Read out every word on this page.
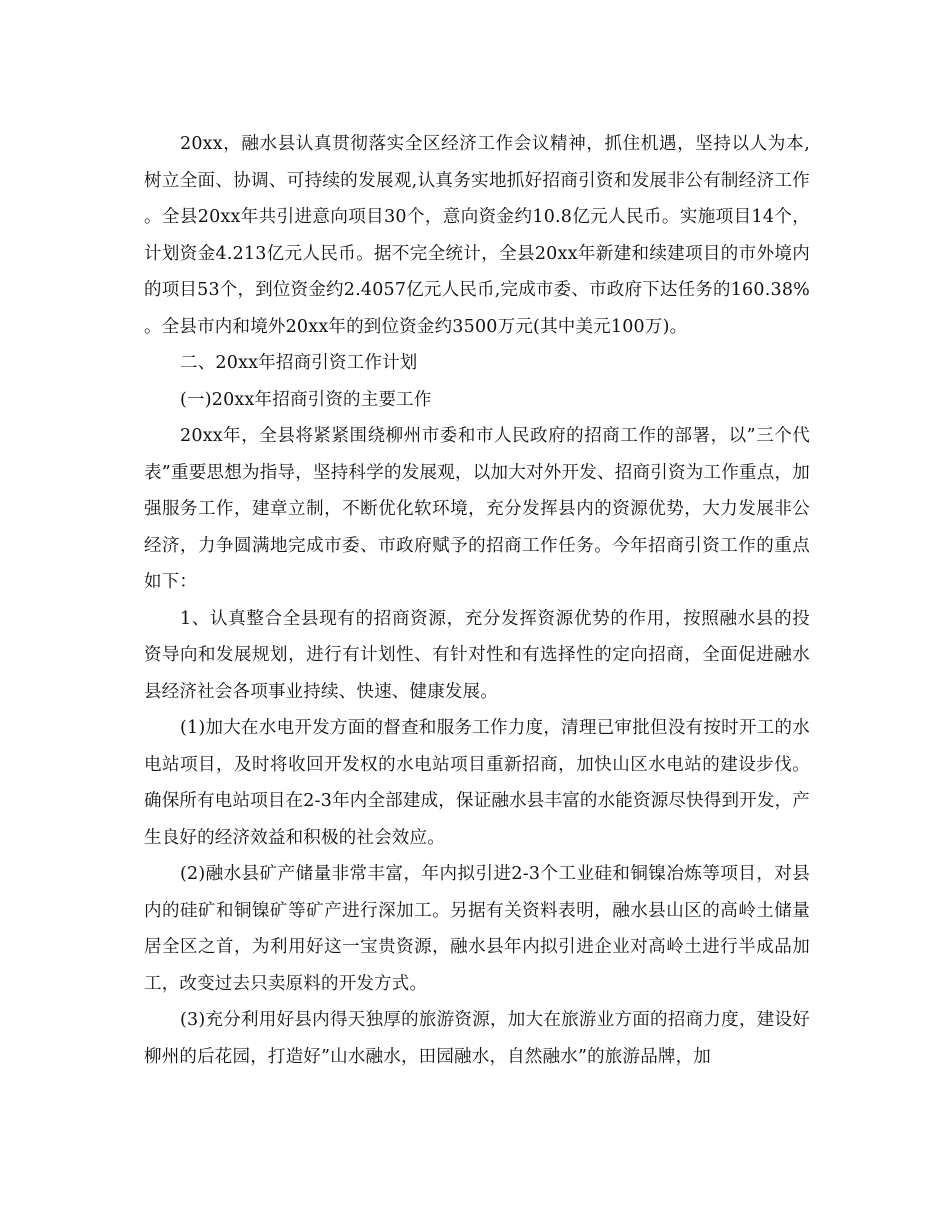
20xx，融水县认真贯彻落实全区经济工作会议精神，抓住机遇，坚持以人为本,树立全面、协调、可持续的发展观,认真务实地抓好招商引资和发展非公有制经济工作。全县20xx年共引进意向项目30个，意向资金约10.8亿元人民币。实施项目14个，计划资金4.213亿元人民币。据不完全统计，全县20xx年新建和续建项目的市外境内的项目53个，到位资金约2.4057亿元人民币,完成市委、市政府下达任务的160.38%。全县市内和境外20xx年的到位资金约3500万元(其中美元100万)。

二、20xx年招商引资工作计划

(一)20xx年招商引资的主要工作

20xx年，全县将紧紧围绕柳州市委和市人民政府的招商工作的部署，以”三个代表”重要思想为指导，坚持科学的发展观，以加大对外开发、招商引资为工作重点，加强服务工作，建章立制，不断优化软环境，充分发挥县内的资源优势，大力发展非公经济，力争圆满地完成市委、市政府赋予的招商工作任务。今年招商引资工作的重点如下：

1、认真整合全县现有的招商资源，充分发挥资源优势的作用，按照融水县的投资导向和发展规划，进行有计划性、有针对性和有选择性的定向招商，全面促进融水县经济社会各项事业持续、快速、健康发展。

(1)加大在水电开发方面的督查和服务工作力度，清理已审批但没有按时开工的水电站项目，及时将收回开发权的水电站项目重新招商，加快山区水电站的建设步伐。确保所有电站项目在2-3年内全部建成，保证融水县丰富的水能资源尽快得到开发，产生良好的经济效益和积极的社会效应。

(2)融水县矿产储量非常丰富，年内拟引进2-3个工业硅和铜镍冶炼等项目，对县内的硅矿和铜镍矿等矿产进行深加工。另据有关资料表明，融水县山区的高岭土储量居全区之首，为利用好这一宝贵资源，融水县年内拟引进企业对高岭土进行半成品加工，改变过去只卖原料的开发方式。

(3)充分利用好县内得天独厚的旅游资源，加大在旅游业方面的招商力度，建设好柳州的后花园，打造好”山水融水，田园融水，自然融水”的旅游品牌，加
